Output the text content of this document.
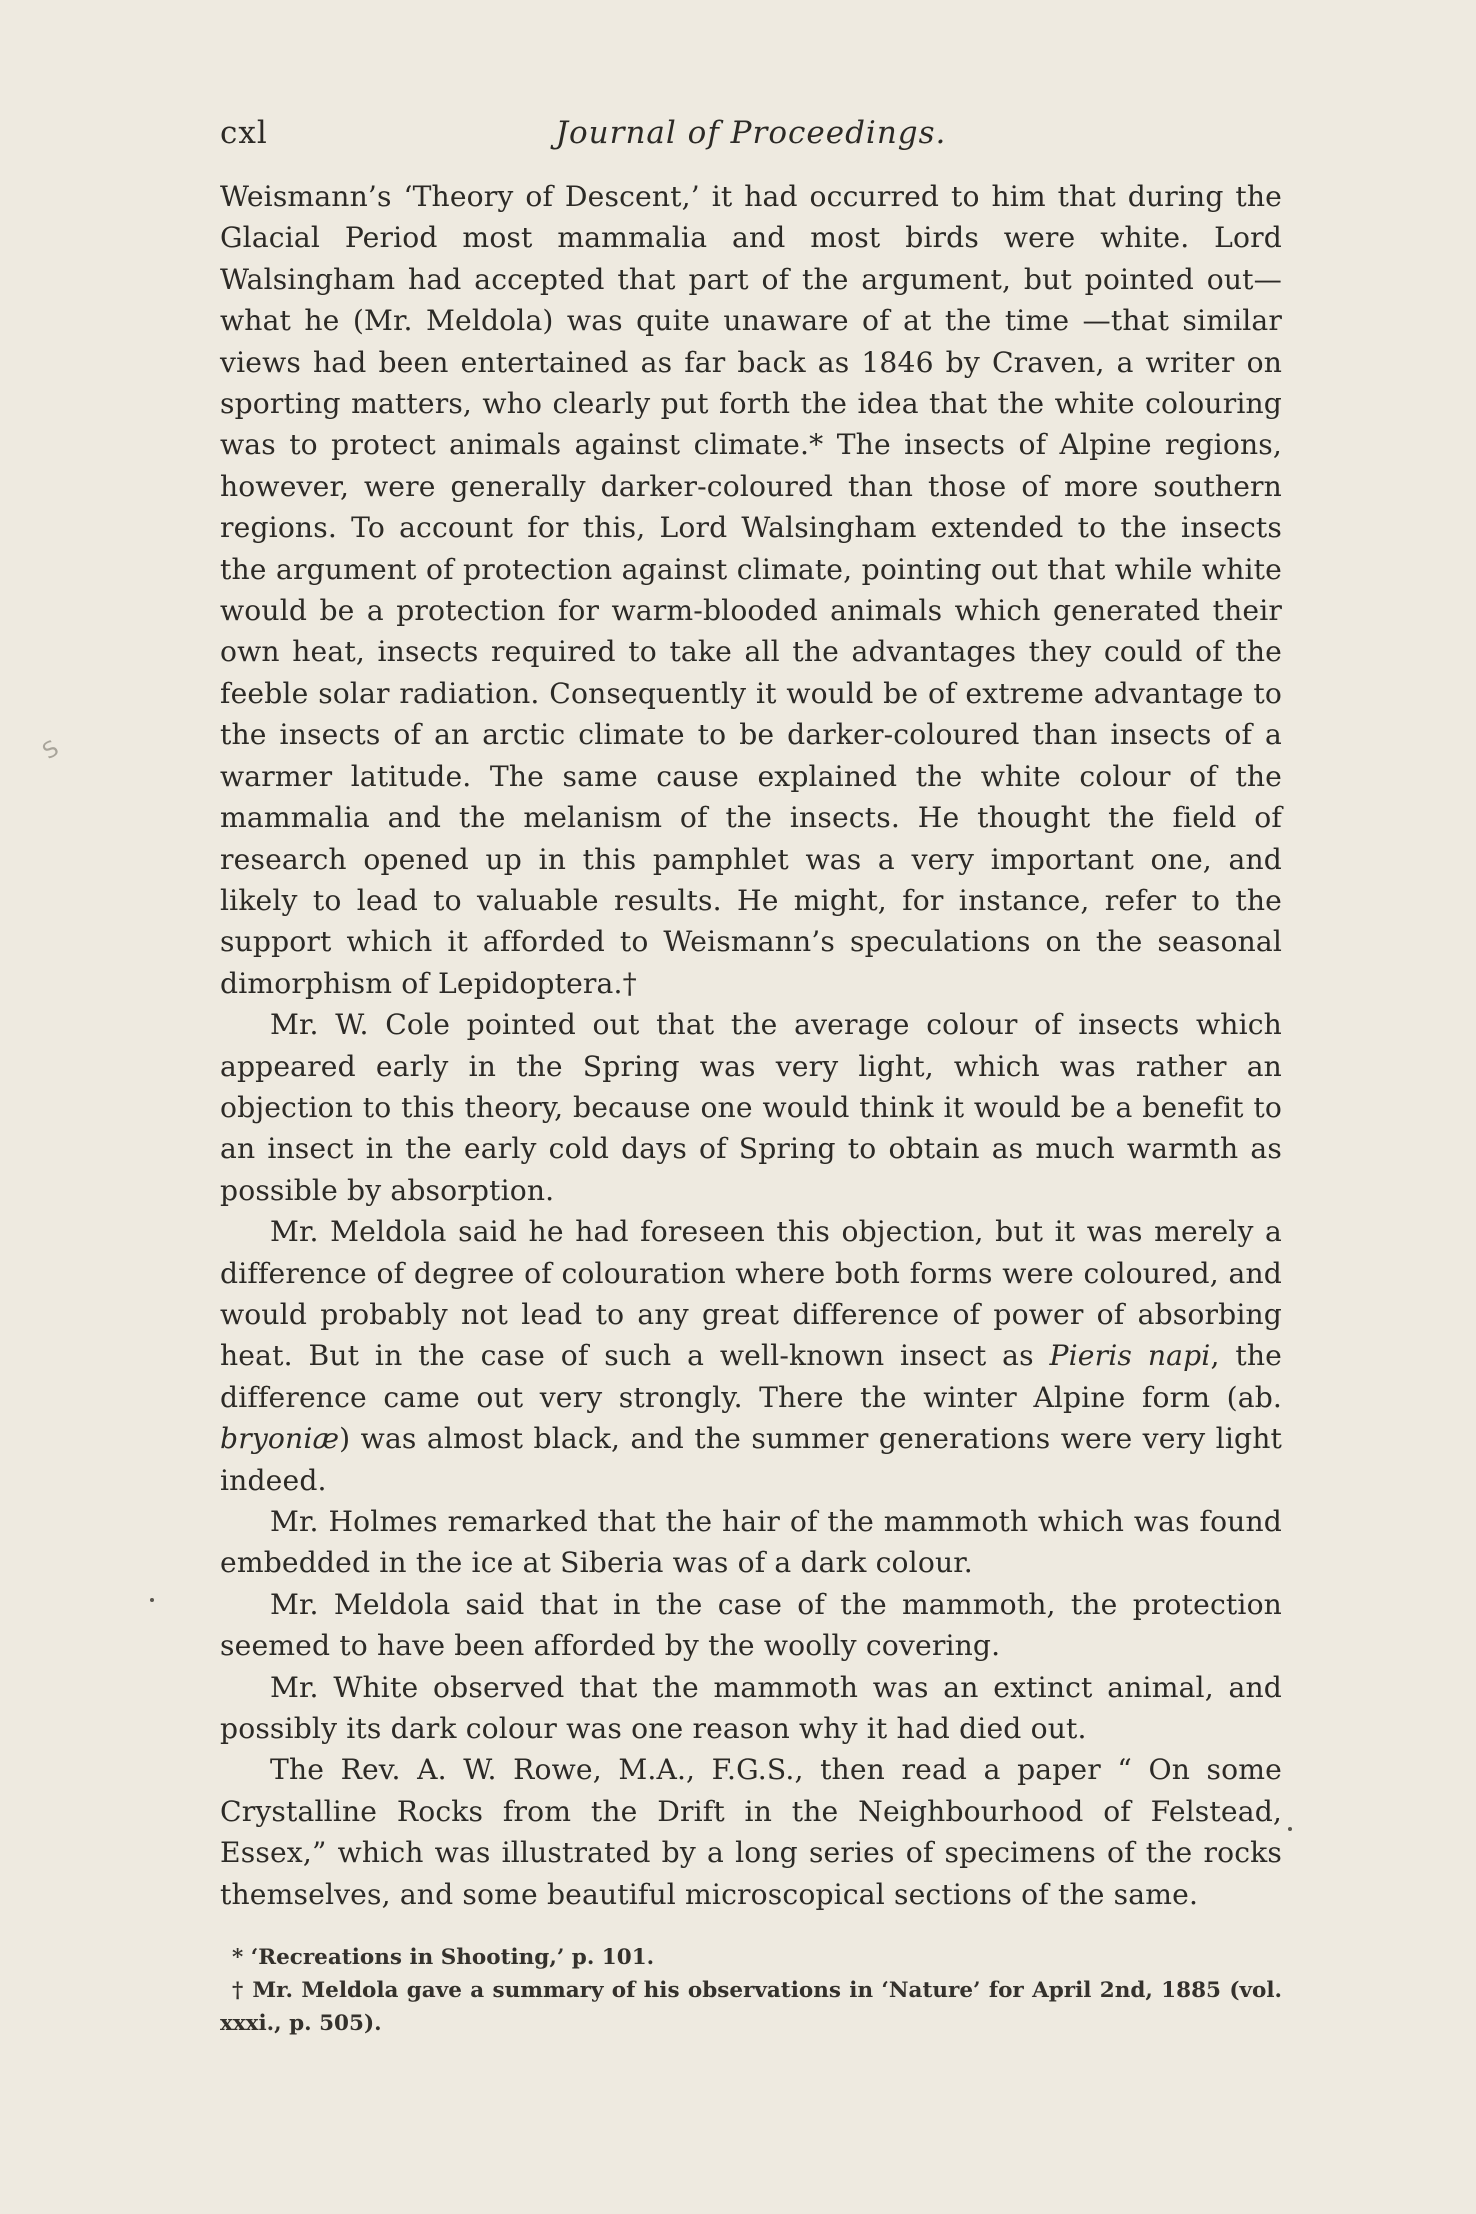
S
cxl	Journal of Proceedings.

Weismann’s ‘Theory of Descent,’ it had occurred to him that during the Glacial Period most mammalia and most birds were white. Lord Walsingham had accepted that part of the argument, but pointed out—what he (Mr. Meldola) was quite unaware of at the time —that similar views had been entertained as far back as 1846 by Craven, a writer on sporting matters, who clearly put forth the idea that the white colouring was to protect animals against climate.* The insects of Alpine regions, however, were generally darker-coloured than those of more southern regions. To account for this, Lord Walsingham extended to the insects the argument of protection against climate, pointing out that while white would be a protection for warm-blooded animals which generated their own heat, insects required to take all the advantages they could of the feeble solar radiation. Consequently it would be of extreme advantage to the insects of an arctic climate to be darker-coloured than insects of a warmer latitude. The same cause explained the white colour of the mammalia and the melanism of the insects. He thought the field of research opened up in this pamphlet was a very important one, and likely to lead to valuable results. He might, for instance, refer to the support which it afforded to Weismann’s speculations on the seasonal dimorphism of Lepidoptera.†

Mr. W. Cole pointed out that the average colour of insects which appeared early in the Spring was very light, which was rather an objection to this theory, because one would think it would be a benefit to an insect in the early cold days of Spring to obtain as much warmth as possible by absorption.

Mr. Meldola said he had foreseen this objection, but it was merely a difference of degree of colouration where both forms were coloured, and would probably not lead to any great difference of power of absorbing heat. But in the case of such a well-known insect as Pieris napi, the difference came out very strongly. There the winter Alpine form (ab. bryoniæ) was almost black, and the summer generations were very light indeed.

Mr. Holmes remarked that the hair of the mammoth which was found embedded in the ice at Siberia was of a dark colour.

Mr. Meldola said that in the case of the mammoth, the protection seemed to have been afforded by the woolly covering.

Mr. White observed that the mammoth was an extinct animal, and possibly its dark colour was one reason why it had died out.

The Rev. A. W. Rowe, M.A., F.G.S., then read a paper “ On some Crystalline Rocks from the Drift in the Neighbourhood of Felstead, Essex,” which was illustrated by a long series of specimens of the rocks themselves, and some beautiful microscopical sections of the same.

* ‘Recreations in Shooting,’ p. 101.

† Mr. Meldola gave a summary of his observations in ‘Nature’ for April 2nd, 1885 (vol. xxxi., p. 505).
